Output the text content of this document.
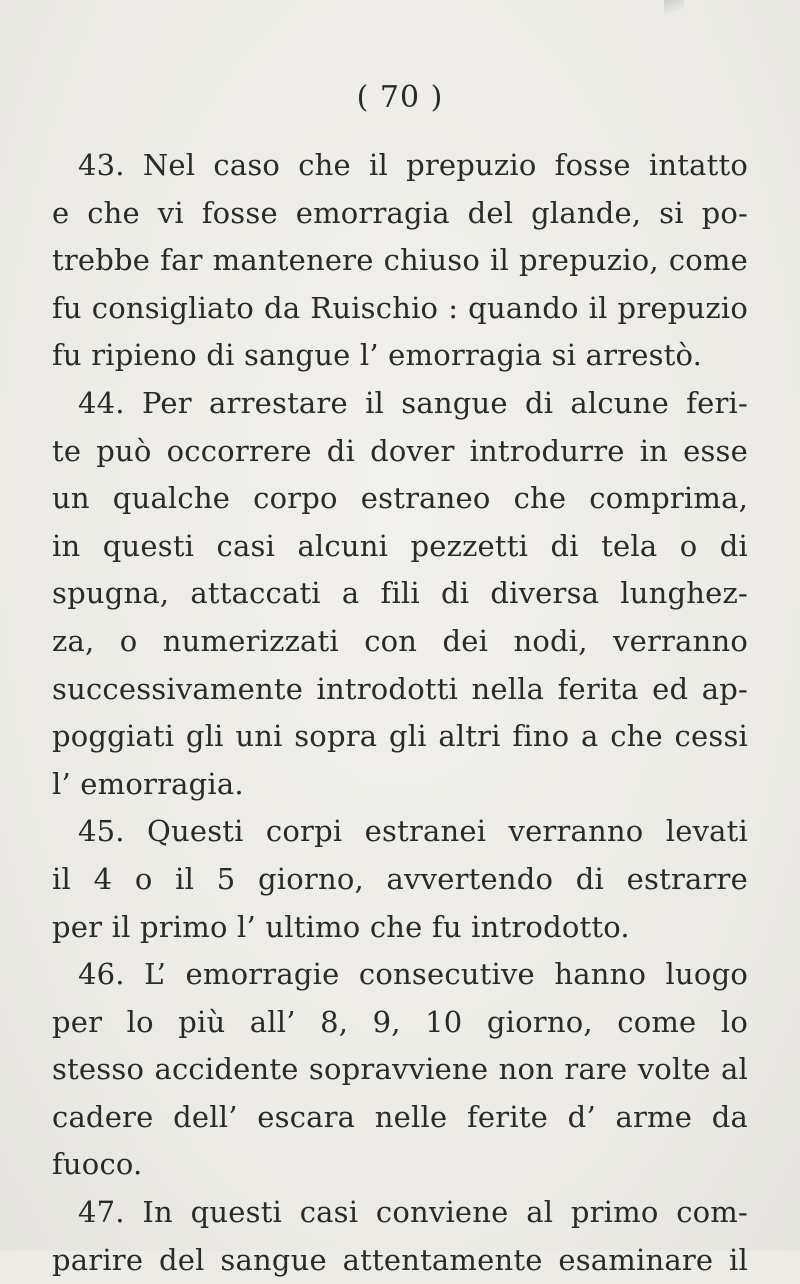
( 70 )
43. Nel caso che il prepuzio fosse intatto
e che vi fosse emorragia del glande, si po-
trebbe far mantenere chiuso il prepuzio, come
fu consigliato da Ruischio : quando il prepuzio
fu ripieno di sangue l’ emorragia si arrestò.
44. Per arrestare il sangue di alcune feri-
te può occorrere di dover introdurre in esse
un qualche corpo estraneo che comprima,
in questi casi alcuni pezzetti di tela o di
spugna, attaccati a fili di diversa lunghez-
za, o numerizzati con dei nodi, verranno
successivamente introdotti nella ferita ed ap-
poggiati gli uni sopra gli altri fino a che cessi
l’ emorragia.
45. Questi corpi estranei verranno levati
il 4 o il 5 giorno, avvertendo di estrarre
per il primo l’ ultimo che fu introdotto.
46. L’ emorragie consecutive hanno luogo
per lo più all’ 8, 9, 10 giorno, come lo
stesso accidente sopravviene non rare volte al
cadere dell’ escara nelle ferite d’ arme da
fuoco.
47. In questi casi conviene al primo com-
parire del sangue attentamente esaminare il
